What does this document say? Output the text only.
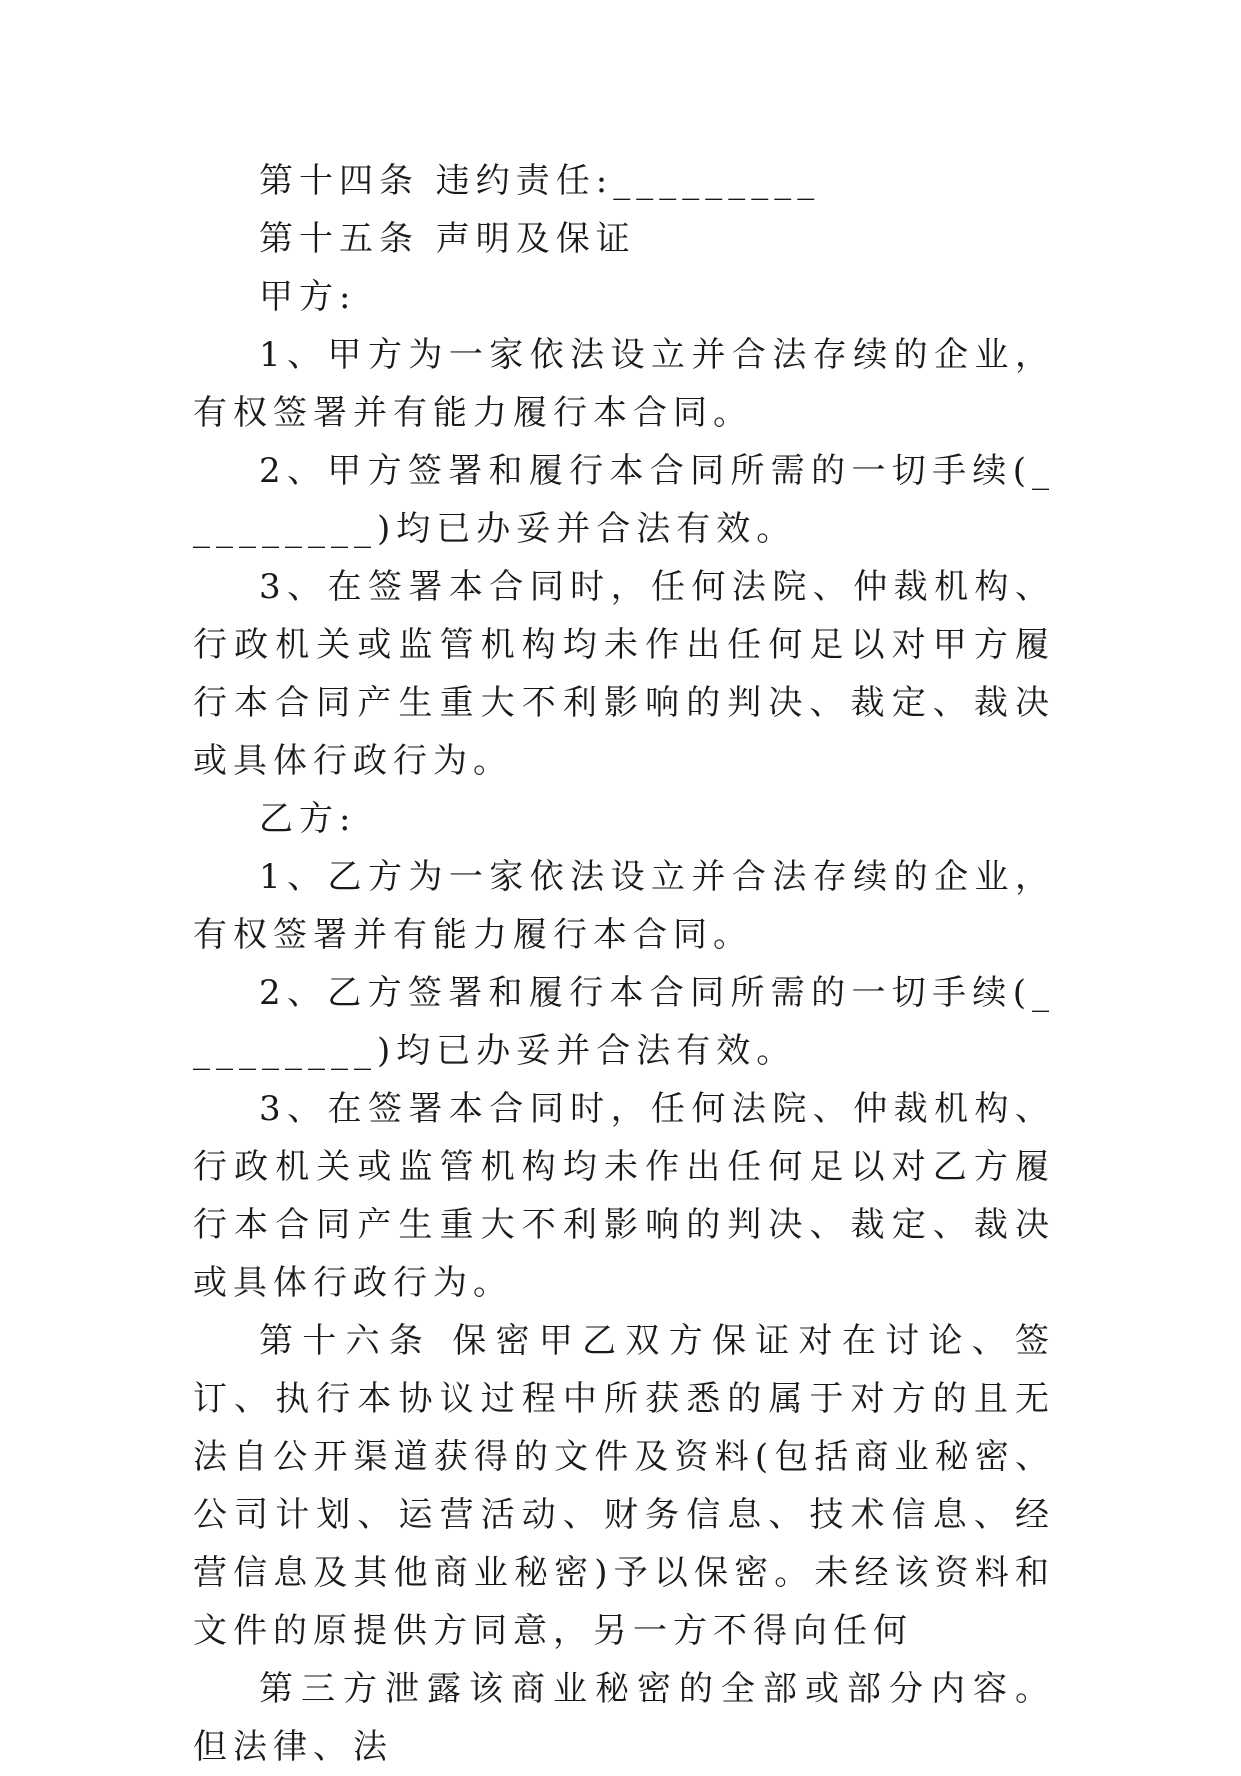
第十四条 违约责任:_________

第十五条 声明及保证

甲方:

1、甲方为一家依法设立并合法存续的企业，有权签署并有能力履行本合同。

2、甲方签署和履行本合同所需的一切手续(_________)均已办妥并合法有效。

3、在签署本合同时，任何法院、仲裁机构、行政机关或监管机构均未作出任何足以对甲方履行本合同产生重大不利影响的判决、裁定、裁决或具体行政行为。

乙方:

1、乙方为一家依法设立并合法存续的企业，有权签署并有能力履行本合同。

2、乙方签署和履行本合同所需的一切手续(_________)均已办妥并合法有效。

3、在签署本合同时，任何法院、仲裁机构、行政机关或监管机构均未作出任何足以对乙方履行本合同产生重大不利影响的判决、裁定、裁决或具体行政行为。

第十六条 保密甲乙双方保证对在讨论、签订、执行本协议过程中所获悉的属于对方的且无法自公开渠道获得的文件及资料(包括商业秘密、公司计划、运营活动、财务信息、技术信息、经营信息及其他商业秘密)予以保密。未经该资料和文件的原提供方同意，另一方不得向任何

第三方泄露该商业秘密的全部或部分内容。但法律、法
